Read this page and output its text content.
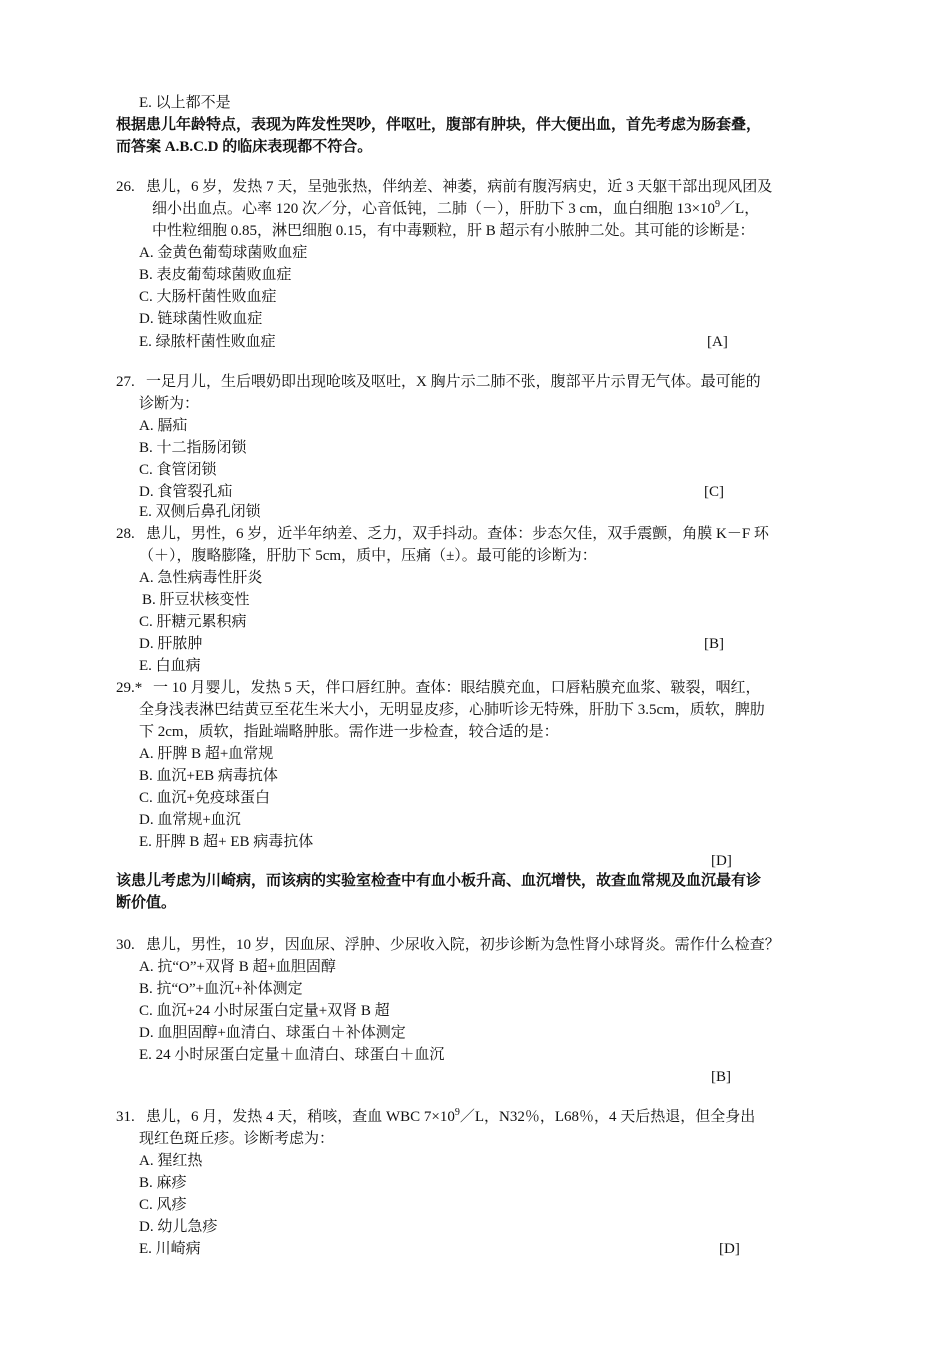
E. 以上都不是
根据患儿年龄特点，表现为阵发性哭吵，伴呕吐，腹部有肿块，伴大便出血，首先考虑为肠套叠，
而答案 A.B.C.D 的临床表现都不符合。
26. 患儿，6 岁，发热 7 天，呈弛张热，伴纳差、神萎，病前有腹泻病史，近 3 天躯干部出现风团及
细小出血点。心率 120 次／分，心音低钝，二肺（－），肝肋下 3 cm，血白细胞 $13\times 10^9/L$，
中性粒细胞 0.85，淋巴细胞 0.15，有中毒颗粒，肝 B 超示有小脓肿二处。其可能的诊断是：
A. 金黄色葡萄球菌败血症
B. 表皮葡萄球菌败血症
C. 大肠杆菌性败血症
D. 链球菌性败血症
E. 绿脓杆菌性败血症	[A]
27. 一足月儿，生后喂奶即出现呛咳及呕吐，X 胸片示二肺不张，腹部平片示胃无气体。最可能的
诊断为：
A. 膈疝
B. 十二指肠闭锁
C. 食管闭锁
D. 食管裂孔疝	[C]
E. 双侧后鼻孔闭锁
28. 患儿，男性，6 岁，近半年纳差、乏力，双手抖动。查体：步态欠佳，双手震颤，角膜 K－F 环
（＋），腹略膨隆，肝肋下 5cm，质中，压痛（±）。最可能的诊断为：
A. 急性病毒性肝炎
B. 肝豆状核变性
C. 肝糖元累积病
D. 肝脓肿	[B]
E. 白血病
29.* 一 10 月婴儿，发热 5 天，伴口唇红肿。查体：眼结膜充血，口唇粘膜充血浆、皲裂，咽红，
全身浅表淋巴结黄豆至花生米大小，无明显皮疹，心肺听诊无特殊，肝肋下 3.5cm，质软，脾肋
下 2cm，质软，指趾端略肿胀。需作进一步检查，较合适的是：
A. 肝脾 B 超+血常规
B. 血沉+EB 病毒抗体
C. 血沉+免疫球蛋白
D. 血常规+血沉
E. 肝脾 B 超+ EB 病毒抗体
[D]
该患儿考虑为川崎病，而该病的实验室检查中有血小板升高、血沉增快，故查血常规及血沉最有诊
断价值。
30. 患儿，男性，10 岁，因血尿、浮肿、少尿收入院，初步诊断为急性肾小球肾炎。需作什么检查？
A. 抗“O”+双肾 B 超+血胆固醇
B. 抗“O”+血沉+补体测定
C. 血沉+24 小时尿蛋白定量+双肾 B 超
D. 血胆固醇+血清白、球蛋白＋补体测定
E. 24 小时尿蛋白定量＋血清白、球蛋白＋血沉
[B]
31. 患儿，6 月，发热 4 天，稍咳，查血 WBC $7\times 10^9/L$，N32％，L68％，4 天后热退，但全身出
现红色斑丘疹。诊断考虑为：
A. 猩红热
B. 麻疹
C. 风疹
D. 幼儿急疹
E. 川崎病	[D]
